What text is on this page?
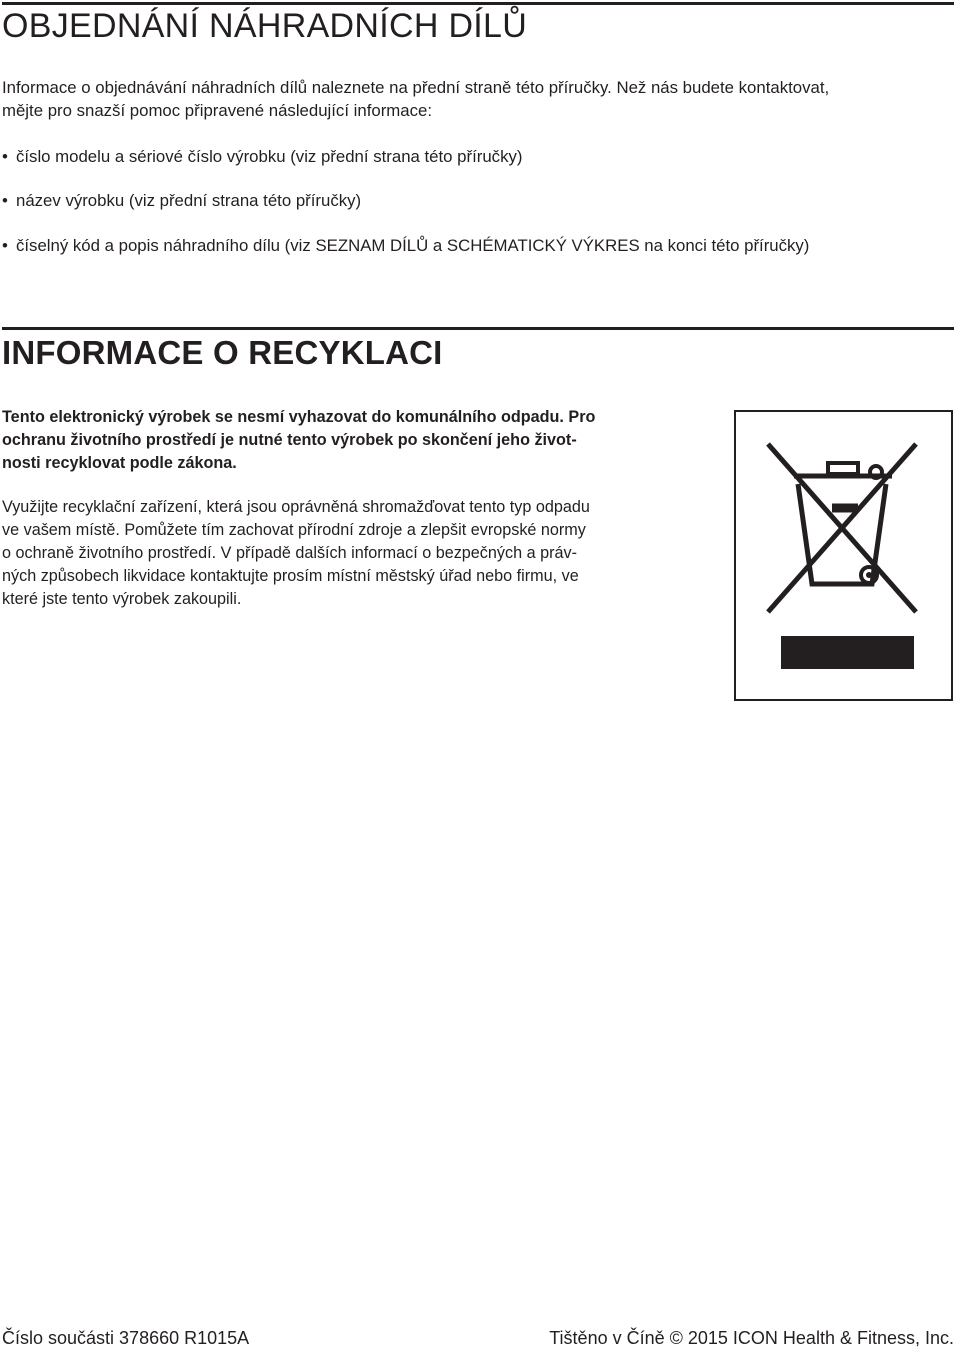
OBJEDNÁNÍ NÁHRADNÍCH DÍLŮ

Informace o objednávání náhradních dílů naleznete na přední straně této příručky. Než nás budete kontaktovat,
mějte pro snazší pomoc připravené následující informace:

• číslo modelu a sériové číslo výrobku (viz přední strana této příručky)
• název výrobku (viz přední strana této příručky)
• číselný kód a popis náhradního dílu (viz SEZNAM DÍLŮ a SCHÉMATICKÝ VÝKRES na konci této příručky)
INFORMACE O RECYKLACI

Tento elektronický výrobek se nesmí vyhazovat do komunálního odpadu. Pro
ochranu životního prostředí je nutné tento výrobek po skončení jeho život-
nosti recyklovat podle zákona.

Využijte recyklační zařízení, která jsou oprávněná shromažďovat tento typ odpadu
ve vašem místě. Pomůžete tím zachovat přírodní zdroje a zlepšit evropské normy
o ochraně životního prostředí. V případě dalších informací o bezpečných a práv-
ných způsobech likvidace kontaktujte prosím místní městský úřad nebo firmu, ve
které jste tento výrobek zakoupili.

Číslo součásti 378660 R1015A	Tištěno v Číně © 2015 ICON Health & Fitness, Inc.
